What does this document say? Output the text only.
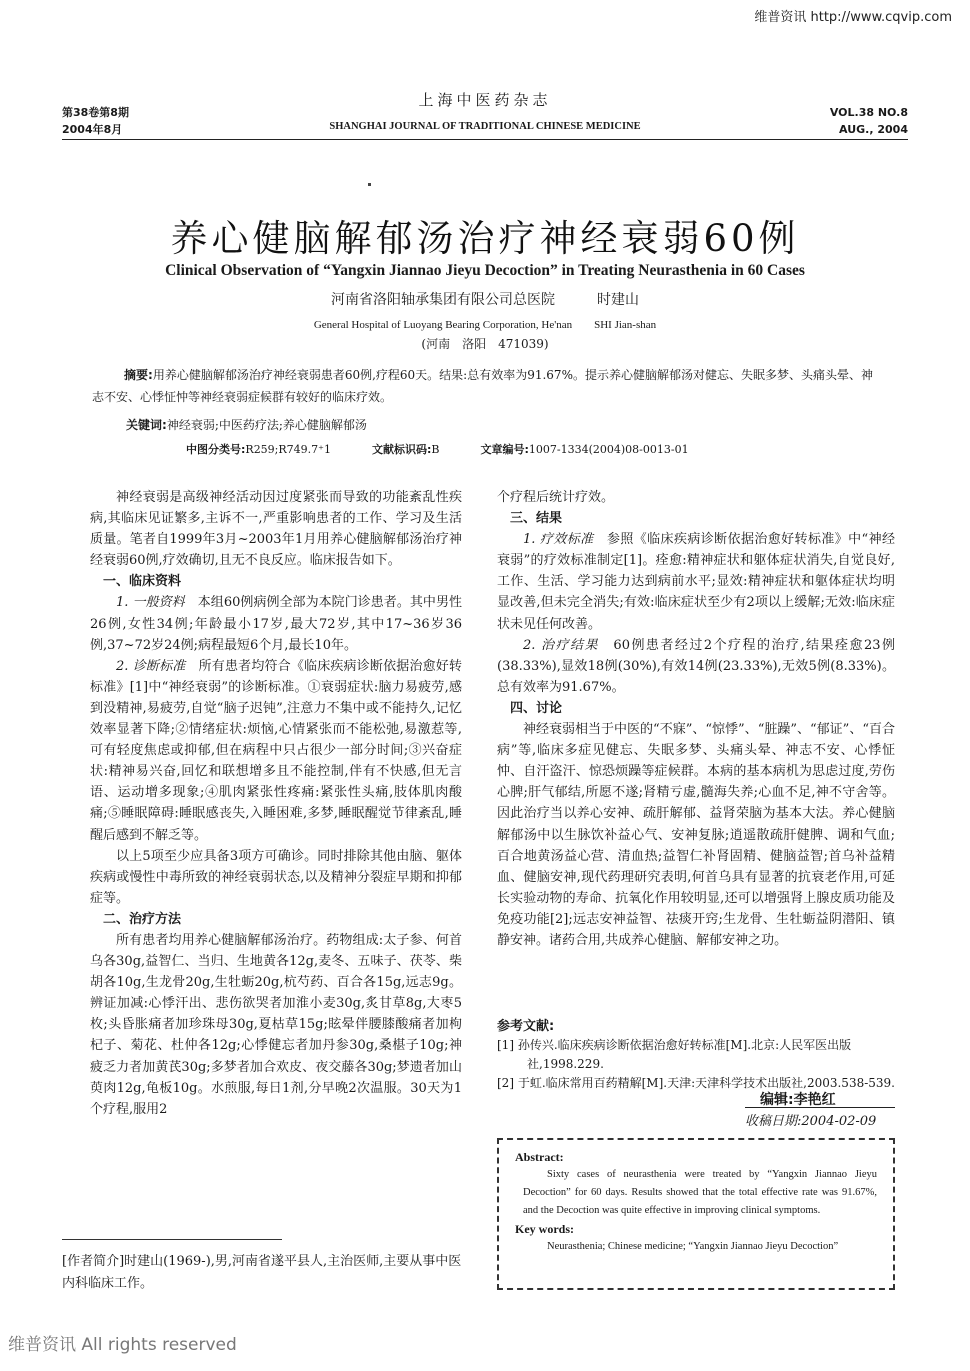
维普资讯 http://www.cqvip.com
第38卷第8期
2004年8月
上海中医药杂志
SHANGHAI JOURNAL OF TRADITIONAL CHINESE MEDICINE
VOL.38 NO.8
AUG., 2004
养心健脑解郁汤治疗神经衰弱60例
Clinical Observation of “Yangxin Jiannao Jieyu Decoction” in Treating Neurasthenia in 60 Cases
河南省洛阳轴承集团有限公司总医院　　　时建山
General Hospital of Luoyang Bearing Corporation, He'nan　　SHI Jian-shan
(河南　洛阳　471039)
摘要:用养心健脑解郁汤治疗神经衰弱患者60例,疗程60天。结果:总有效率为91.67%。提示养心健脑解郁汤对健忘、失眠多梦、头痛头晕、神志不安、心悸怔忡等神经衰弱症候群有较好的临床疗效。
关键词:神经衰弱;中医药疗法;养心健脑解郁汤
中图分类号:R259;R749.7⁺1	文献标识码:B	文章编号:1007-1334(2004)08-0013-01

神经衰弱是高级神经活动因过度紧张而导致的功能紊乱性疾病,其临床见证繁多,主诉不一,严重影响患者的工作、学习及生活质量。笔者自1999年3月~2003年1月用养心健脑解郁汤治疗神经衰弱60例,疗效确切,且无不良反应。临床报告如下。

一、临床资料

1. 一般资料　 本组60例病例全部为本院门诊患者。其中男性26例,女性34例;年龄最小17岁,最大72岁,其中17~36岁36例,37~72岁24例;病程最短6个月,最长10年。

2. 诊断标准　 所有患者均符合《临床疾病诊断依据治愈好转标准》[1]中“神经衰弱”的诊断标准。①衰弱症状:脑力易疲劳,感到没精神,易疲劳,自觉“脑子迟钝”,注意力不集中或不能持久,记忆效率显著下降;②情绪症状:烦恼,心情紧张而不能松弛,易激惹等,可有轻度焦虑或抑郁,但在病程中只占很少一部分时间;③兴奋症状:精神易兴奋,回忆和联想增多且不能控制,伴有不快感,但无言语、运动增多现象;④肌肉紧张性疼痛:紧张性头痛,肢体肌肉酸痛;⑤睡眠障碍:睡眠感丧失,入睡困难,多梦,睡眠醒觉节律紊乱,睡醒后感到不解乏等。

以上5项至少应具备3项方可确诊。同时排除其他由脑、躯体疾病或慢性中毒所致的神经衰弱状态,以及精神分裂症早期和抑郁症等。

二、治疗方法

所有患者均用养心健脑解郁汤治疗。药物组成:太子参、何首乌各30g,益智仁、当归、生地黄各12g,麦冬、五味子、茯苓、柴胡各10g,生龙骨20g,生牡蛎20g,杭芍药、百合各15g,远志9g。辨证加减:心悸汗出、悲伤欲哭者加淮小麦30g,炙甘草8g,大枣5枚;头昏胀痛者加珍珠母30g,夏枯草15g;眩晕伴腰膝酸痛者加枸杞子、菊花、杜仲各12g;心悸健忘者加丹参30g,桑椹子10g;神疲乏力者加黄芪30g;多梦者加合欢皮、夜交藤各30g;梦遗者加山萸肉12g,龟板10g。水煎服,每日1剂,分早晚2次温服。30天为1个疗程,服用2

个疗程后统计疗效。

三、结果

1. 疗效标准　 参照《临床疾病诊断依据治愈好转标准》中“神经衰弱”的疗效标准制定[1]。痊愈:精神症状和躯体症状消失,自觉良好,工作、生活、学习能力达到病前水平;显效:精神症状和躯体症状均明显改善,但未完全消失;有效:临床症状至少有2项以上缓解;无效:临床症状未见任何改善。

2. 治疗结果　 60例患者经过2个疗程的治疗,结果痊愈23例(38.33%),显效18例(30%),有效14例(23.33%),无效5例(8.33%)。总有效率为91.67%。

四、讨论

神经衰弱相当于中医的“不寐”、“惊悸”、“脏躁”、“郁证”、“百合病”等,临床多症见健忘、失眠多梦、头痛头晕、神志不安、心悸怔忡、自汗盗汗、惊恐烦躁等症候群。本病的基本病机为思虑过度,劳伤心脾;肝气郁结,所愿不遂;肾精亏虚,髓海失养;心血不足,神不守舍等。因此治疗当以养心安神、疏肝解郁、益肾荣脑为基本大法。养心健脑解郁汤中以生脉饮补益心气、安神复脉;逍遥散疏肝健脾、调和气血;百合地黄汤益心营、清血热;益智仁补肾固精、健脑益智;首乌补益精血、健脑安神,现代药理研究表明,何首乌具有显著的抗衰老作用,可延长实验动物的寿命、抗氧化作用较明显,还可以增强肾上腺皮质功能及免疫功能[2];远志安神益智、祛痰开窍;生龙骨、生牡蛎益阴潜阳、镇静安神。诸药合用,共成养心健脑、解郁安神之功。

参考文献:
[1] 孙传兴.临床疾病诊断依据治愈好转标准[M].北京:人民军医出版社,1998.229.
[2] 于虹.临床常用百药精解[M].天津:天津科学技术出版社,2003.538-539.
编辑:李艳红
收稿日期:2004-02-09
Abstract:
Sixty cases of neurasthenia were treated by “Yangxin Jiannao Jieyu Decoction” for 60 days. Results showed that the total effective rate was 91.67%, and the Decoction was quite effective in improving clinical symptoms.
Key words:
Neurasthenia; Chinese medicine; “Yangxin Jiannao Jieyu Decoction”
[作者简介]时建山(1969-),男,河南省遂平县人,主治医师,主要从事中医内科临床工作。
维普资讯 All rights reserved
